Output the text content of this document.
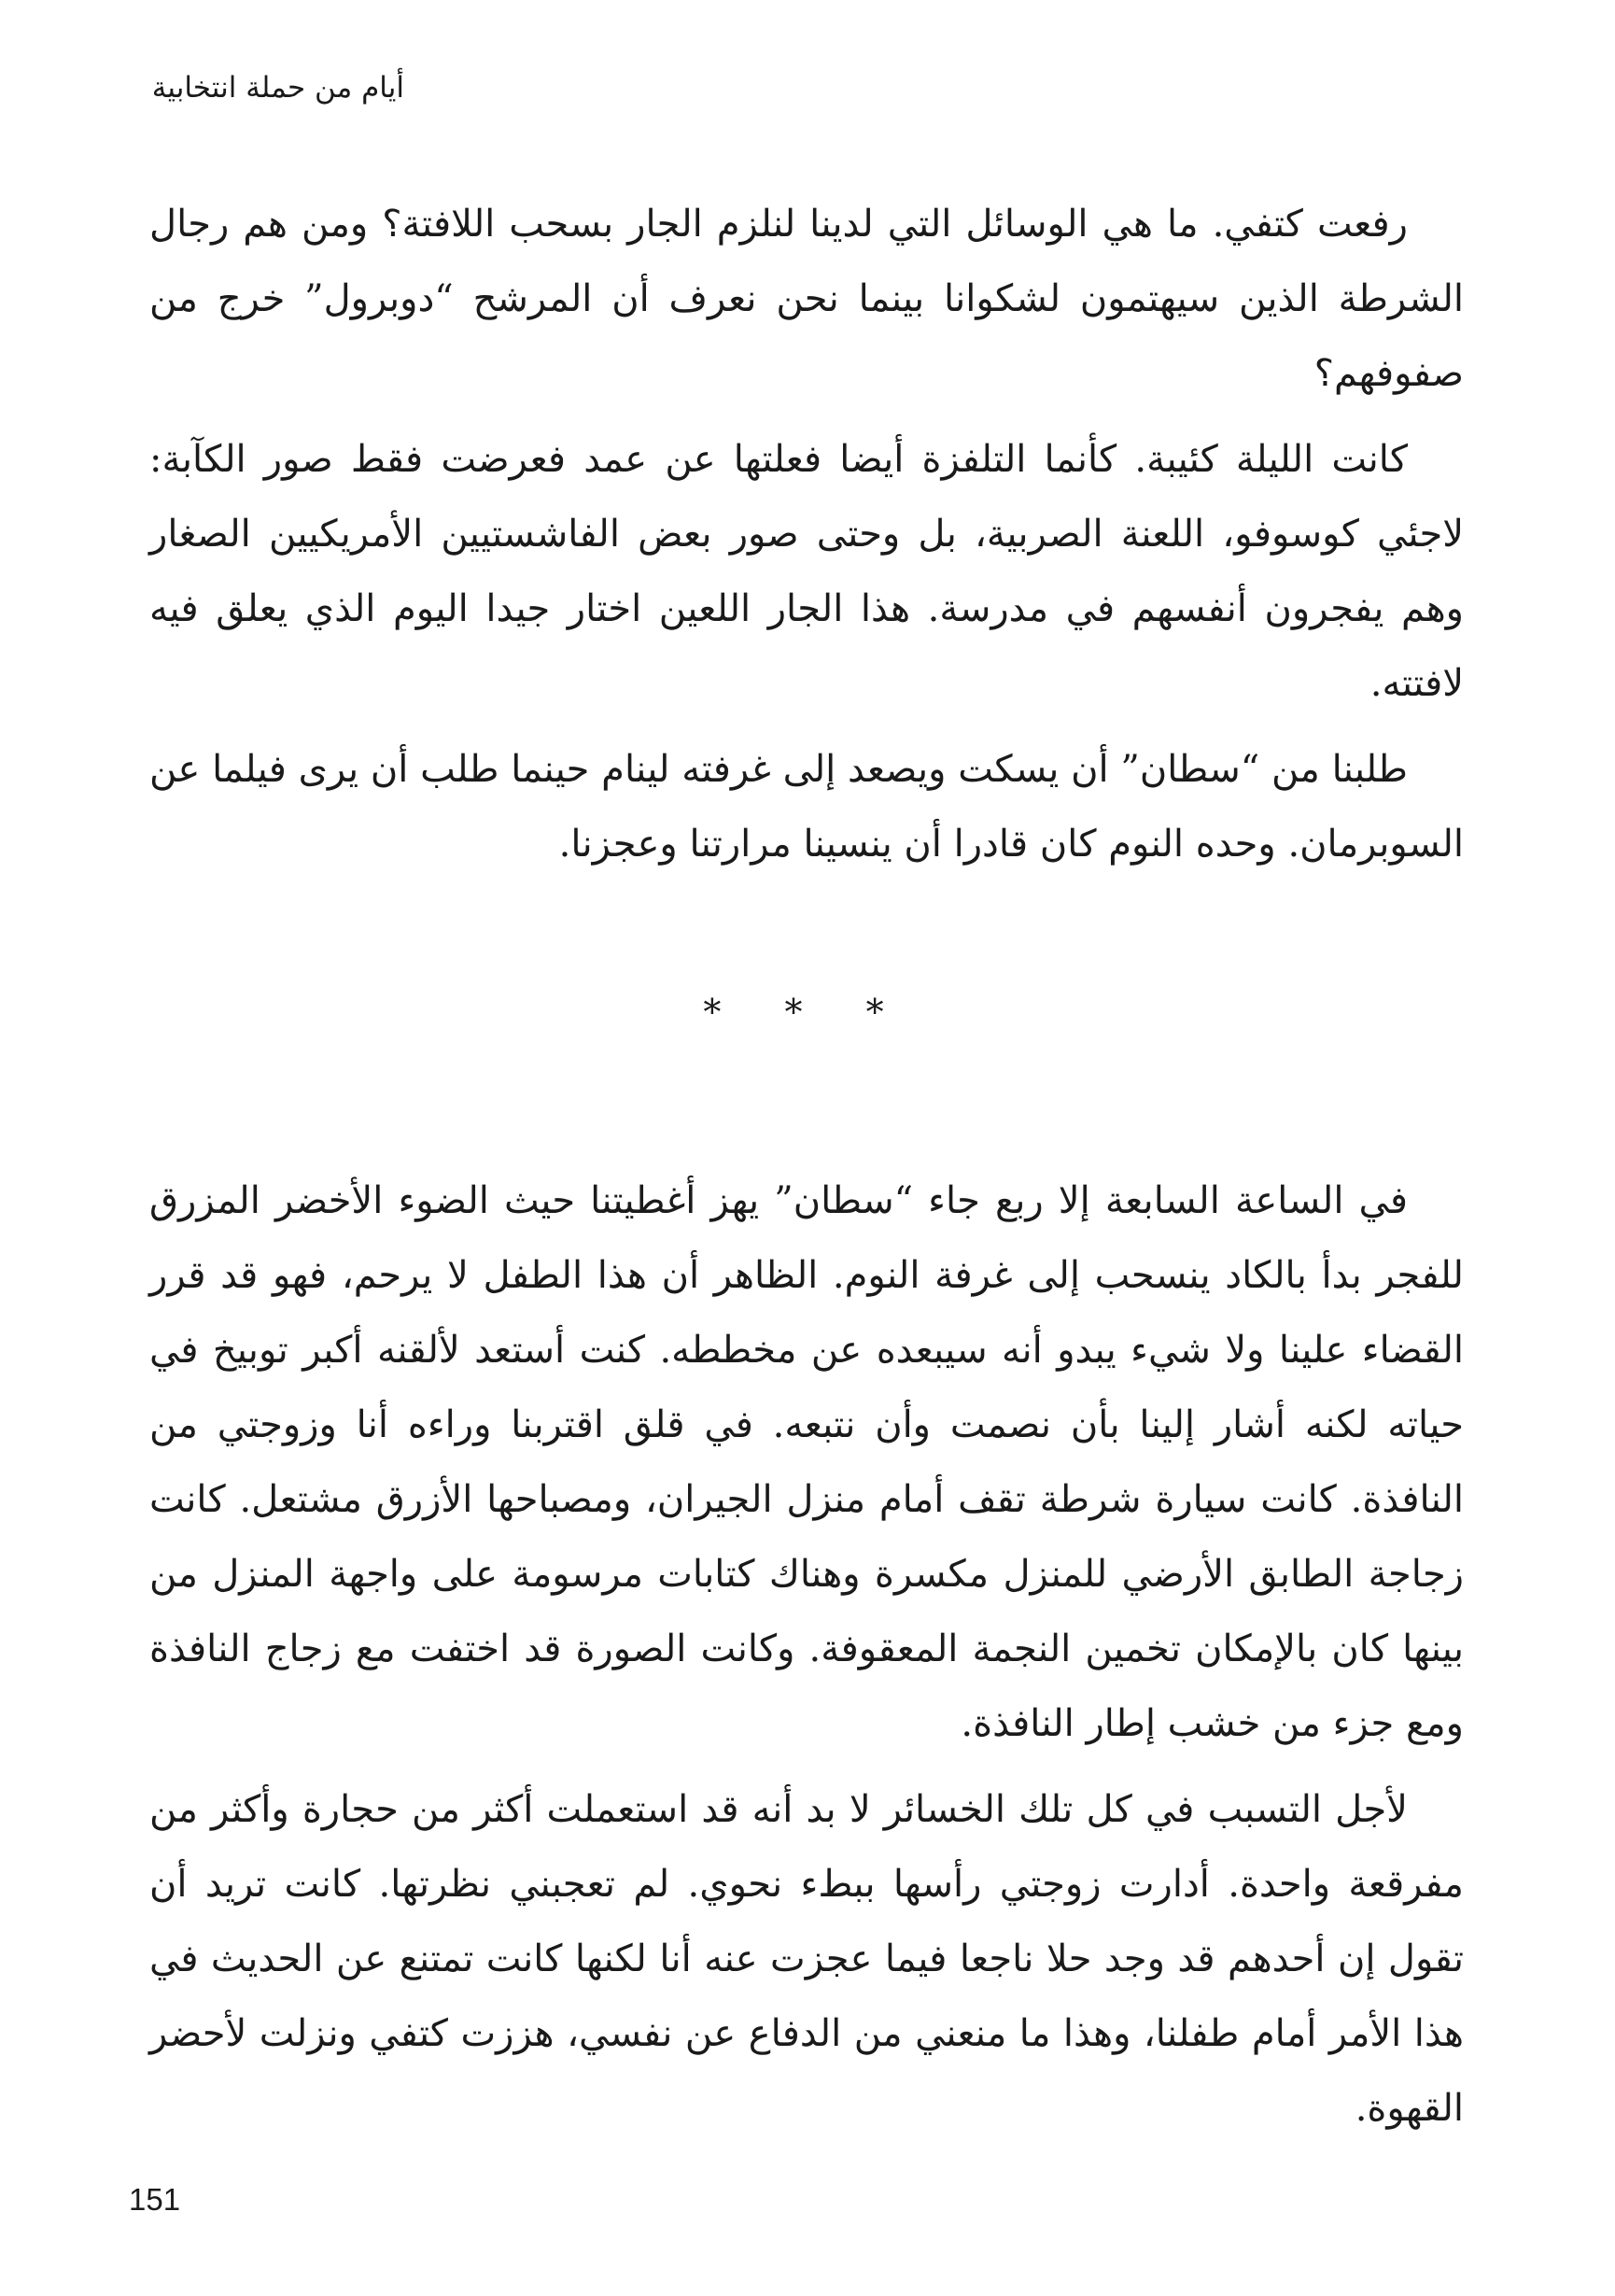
أيام من حملة انتخابية

رفعت كتفي. ما هي الوسائل التي لدينا لنلزم الجار بسحب اللافتة؟ ومن هم رجال الشرطة الذين سيهتمون لشكوانا بينما نحن نعرف أن المرشح “دوبرول” خرج من صفوفهم؟

كانت الليلة كئيبة. كأنما التلفزة أيضا فعلتها عن عمد فعرضت فقط صور الكآبة: لاجئي كوسوفو، اللعنة الصربية، بل وحتى صور بعض الفاشستيين الأمريكيين الصغار وهم يفجرون أنفسهم في مدرسة. هذا الجار اللعين اختار جيدا اليوم الذي يعلق فيه لافتته.

طلبنا من “سطان” أن يسكت ويصعد إلى غرفته لينام حينما طلب أن يرى فيلما عن السوبرمان. وحده النوم كان قادرا أن ينسينا مرارتنا وعجزنا.

* * *

في الساعة السابعة إلا ربع جاء “سطان” يهز أغطيتنا حيث الضوء الأخضر المزرق للفجر بدأ بالكاد ينسحب إلى غرفة النوم. الظاهر أن هذا الطفل لا يرحم، فهو قد قرر القضاء علينا ولا شيء يبدو أنه سيبعده عن مخططه. كنت أستعد لألقنه أكبر توبيخ في حياته لكنه أشار إلينا بأن نصمت وأن نتبعه. في قلق اقتربنا وراءه أنا وزوجتي من النافذة. كانت سيارة شرطة تقف أمام منزل الجيران، ومصباحها الأزرق مشتعل. كانت زجاجة الطابق الأرضي للمنزل مكسرة وهناك كتابات مرسومة على واجهة المنزل من بينها كان بالإمكان تخمين النجمة المعقوفة. وكانت الصورة قد اختفت مع زجاج النافذة ومع جزء من خشب إطار النافذة.

لأجل التسبب في كل تلك الخسائر لا بد أنه قد استعملت أكثر من حجارة وأكثر من مفرقعة واحدة. أدارت زوجتي رأسها ببطء نحوي. لم تعجبني نظرتها. كانت تريد أن تقول إن أحدهم قد وجد حلا ناجعا فيما عجزت عنه أنا لكنها كانت تمتنع عن الحديث في هذا الأمر أمام طفلنا، وهذا ما منعني من الدفاع عن نفسي، هززت كتفي ونزلت لأحضر القهوة.

151
